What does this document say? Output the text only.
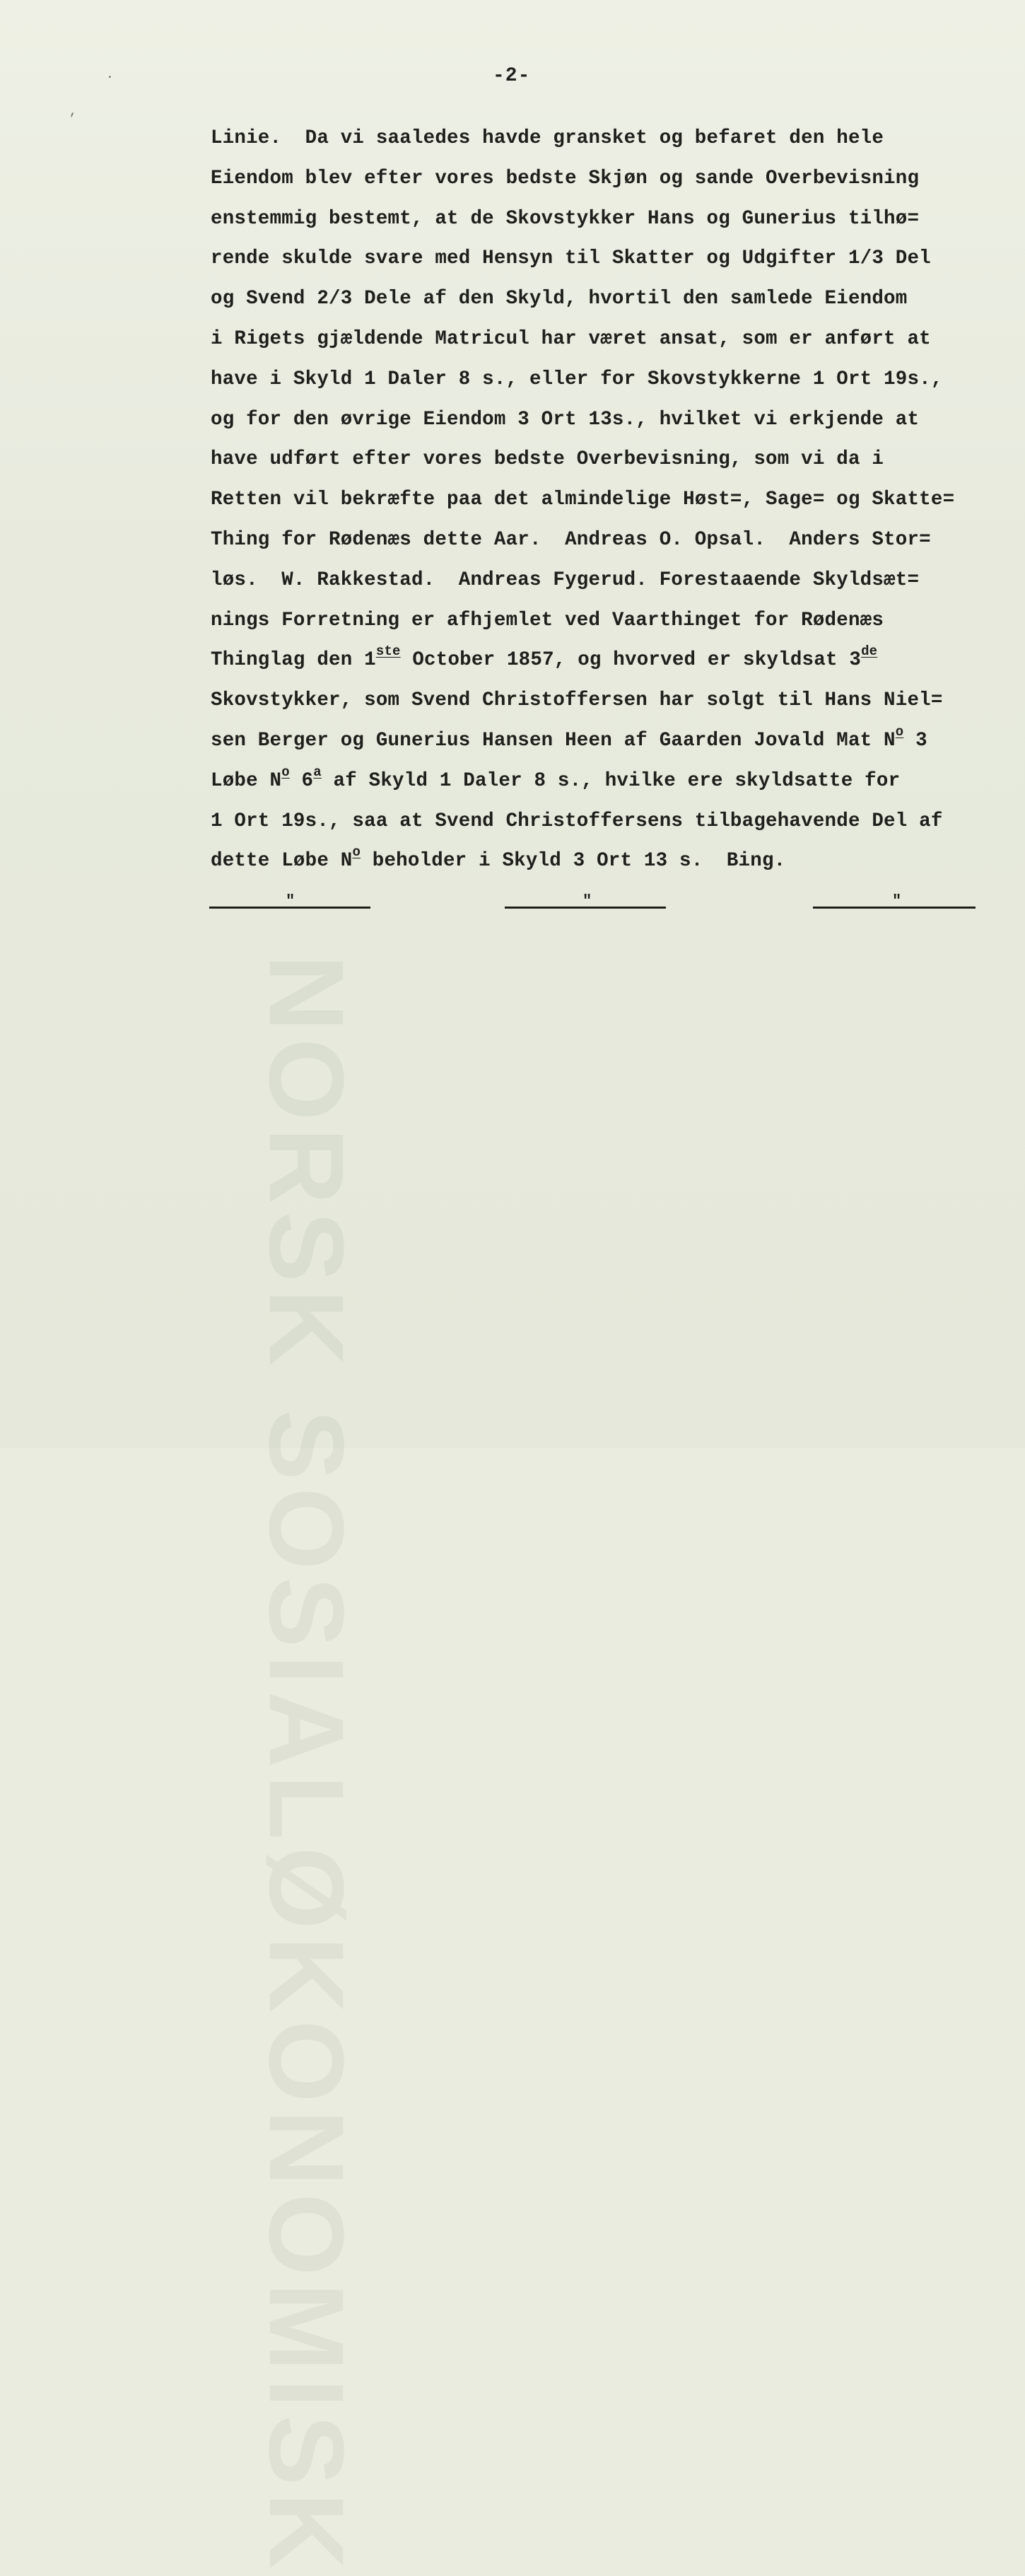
·
,
NORSK SOSIALØKONOMISK
-2-
Linie.  Da vi saaledes havde gransket og befaret den hele
Eiendom blev efter vores bedste Skjøn og sande Overbevisning
enstemmig bestemt, at de Skovstykker Hans og Gunerius tilhø=
rende skulde svare med Hensyn til Skatter og Udgifter 1/3 Del
og Svend 2/3 Dele af den Skyld, hvortil den samlede Eiendom
i Rigets gjældende Matricul har været ansat, som er anført at
have i Skyld 1 Daler 8 s., eller for Skovstykkerne 1 Ort 19s.,
og for den øvrige Eiendom 3 Ort 13s., hvilket vi erkjende at
have udført efter vores bedste Overbevisning, som vi da i
Retten vil bekræfte paa det almindelige Høst=, Sage= og Skatte=
Thing for Rødenæs dette Aar.  Andreas O. Opsal.  Anders Stor=
løs.  W. Rakkestad.  Andreas Fygerud. Forestaaende Skyldsæt=
nings Forretning er afhjemlet ved Vaarthinget for Rødenæs
Thinglag den 1ste October 1857, og hvorved er skyldsat 3de
Skovstykker, som Svend Christoffersen har solgt til Hans Niel=
sen Berger og Gunerius Hansen Heen af Gaarden Jovald Mat $N^o$ 3
Løbe $N^o$ 6$^a$ af Skyld 1 Daler 8 s., hvilke ere skyldsatte for
1 Ort 19s., saa at Svend Christoffersens tilbagehavende Del af
dette Løbe $N^o$ beholder i Skyld 3 Ort 13 s.  Bing.
"	"	"
